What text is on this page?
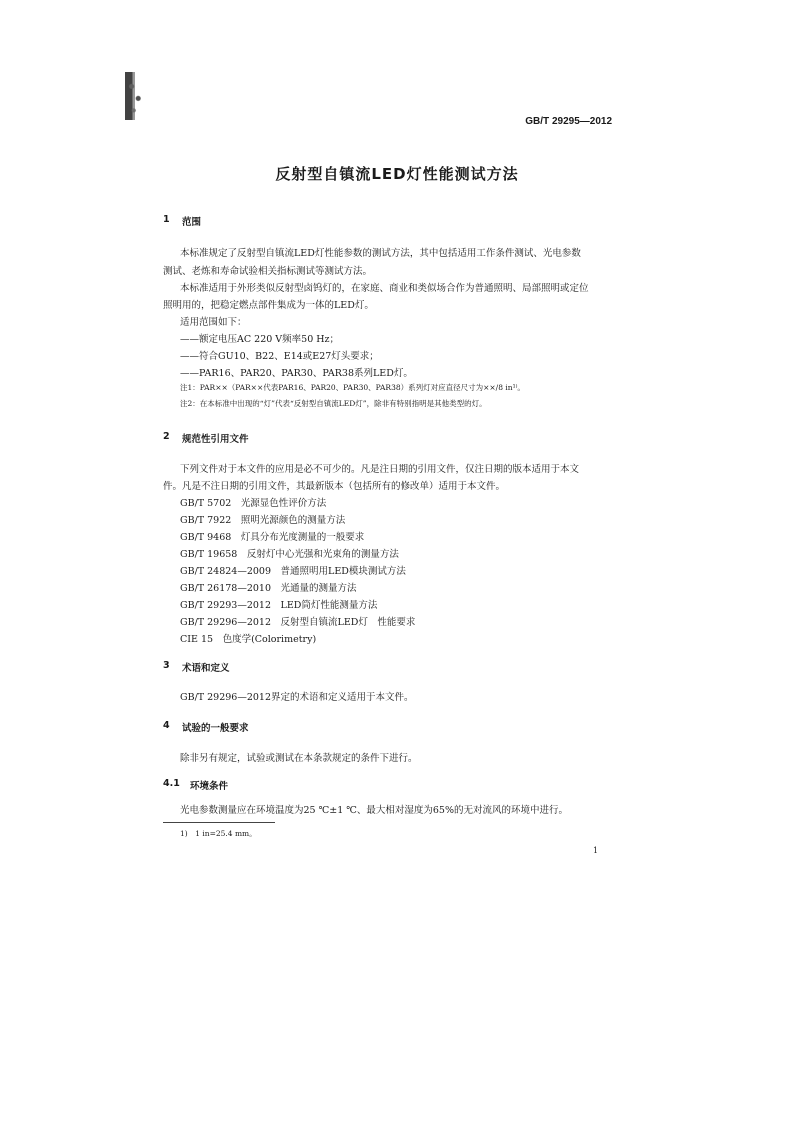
GB/T 29295—2012
反射型自镇流LED灯性能测试方法
1 范围
本标准规定了反射型自镇流LED灯性能参数的测试方法，其中包括适用工作条件测试、光电参数
测试、老炼和寿命试验相关指标测试等测试方法。
本标准适用于外形类似反射型卤钨灯的，在家庭、商业和类似场合作为普通照明、局部照明或定位
照明用的，把稳定燃点部件集成为一体的LED灯。
适用范围如下：
——额定电压AC 220 V频率50 Hz；
——符合GU10、B22、E14或E27灯头要求；
——PAR16、PAR20、PAR30、PAR38系列LED灯。
注1：PAR××（PAR××代表PAR16、PAR20、PAR30、PAR38）系列灯对应直径尺寸为××/8 in¹⁾。
注2：在本标准中出现的“灯”代表“反射型自镇流LED灯”，除非有特别指明是其他类型的灯。
2 规范性引用文件
下列文件对于本文件的应用是必不可少的。凡是注日期的引用文件，仅注日期的版本适用于本文
件。凡是不注日期的引用文件，其最新版本（包括所有的修改单）适用于本文件。
GB/T 5702　光源显色性评价方法
GB/T 7922　照明光源颜色的测量方法
GB/T 9468　灯具分布光度测量的一般要求
GB/T 19658　反射灯中心光强和光束角的测量方法
GB/T 24824—2009　普通照明用LED模块测试方法
GB/T 26178—2010　光通量的测量方法
GB/T 29293—2012　LED筒灯性能测量方法
GB/T 29296—2012　反射型自镇流LED灯　性能要求
CIE 15　色度学(Colorimetry)
3 术语和定义
GB/T 29296—2012界定的术语和定义适用于本文件。
4 试验的一般要求
除非另有规定，试验或测试在本条款规定的条件下进行。
4.1 环境条件
光电参数测量应在环境温度为25 ℃±1 ℃、最大相对湿度为65%的无对流风的环境中进行。
1)　1 in=25.4 mm。
1
